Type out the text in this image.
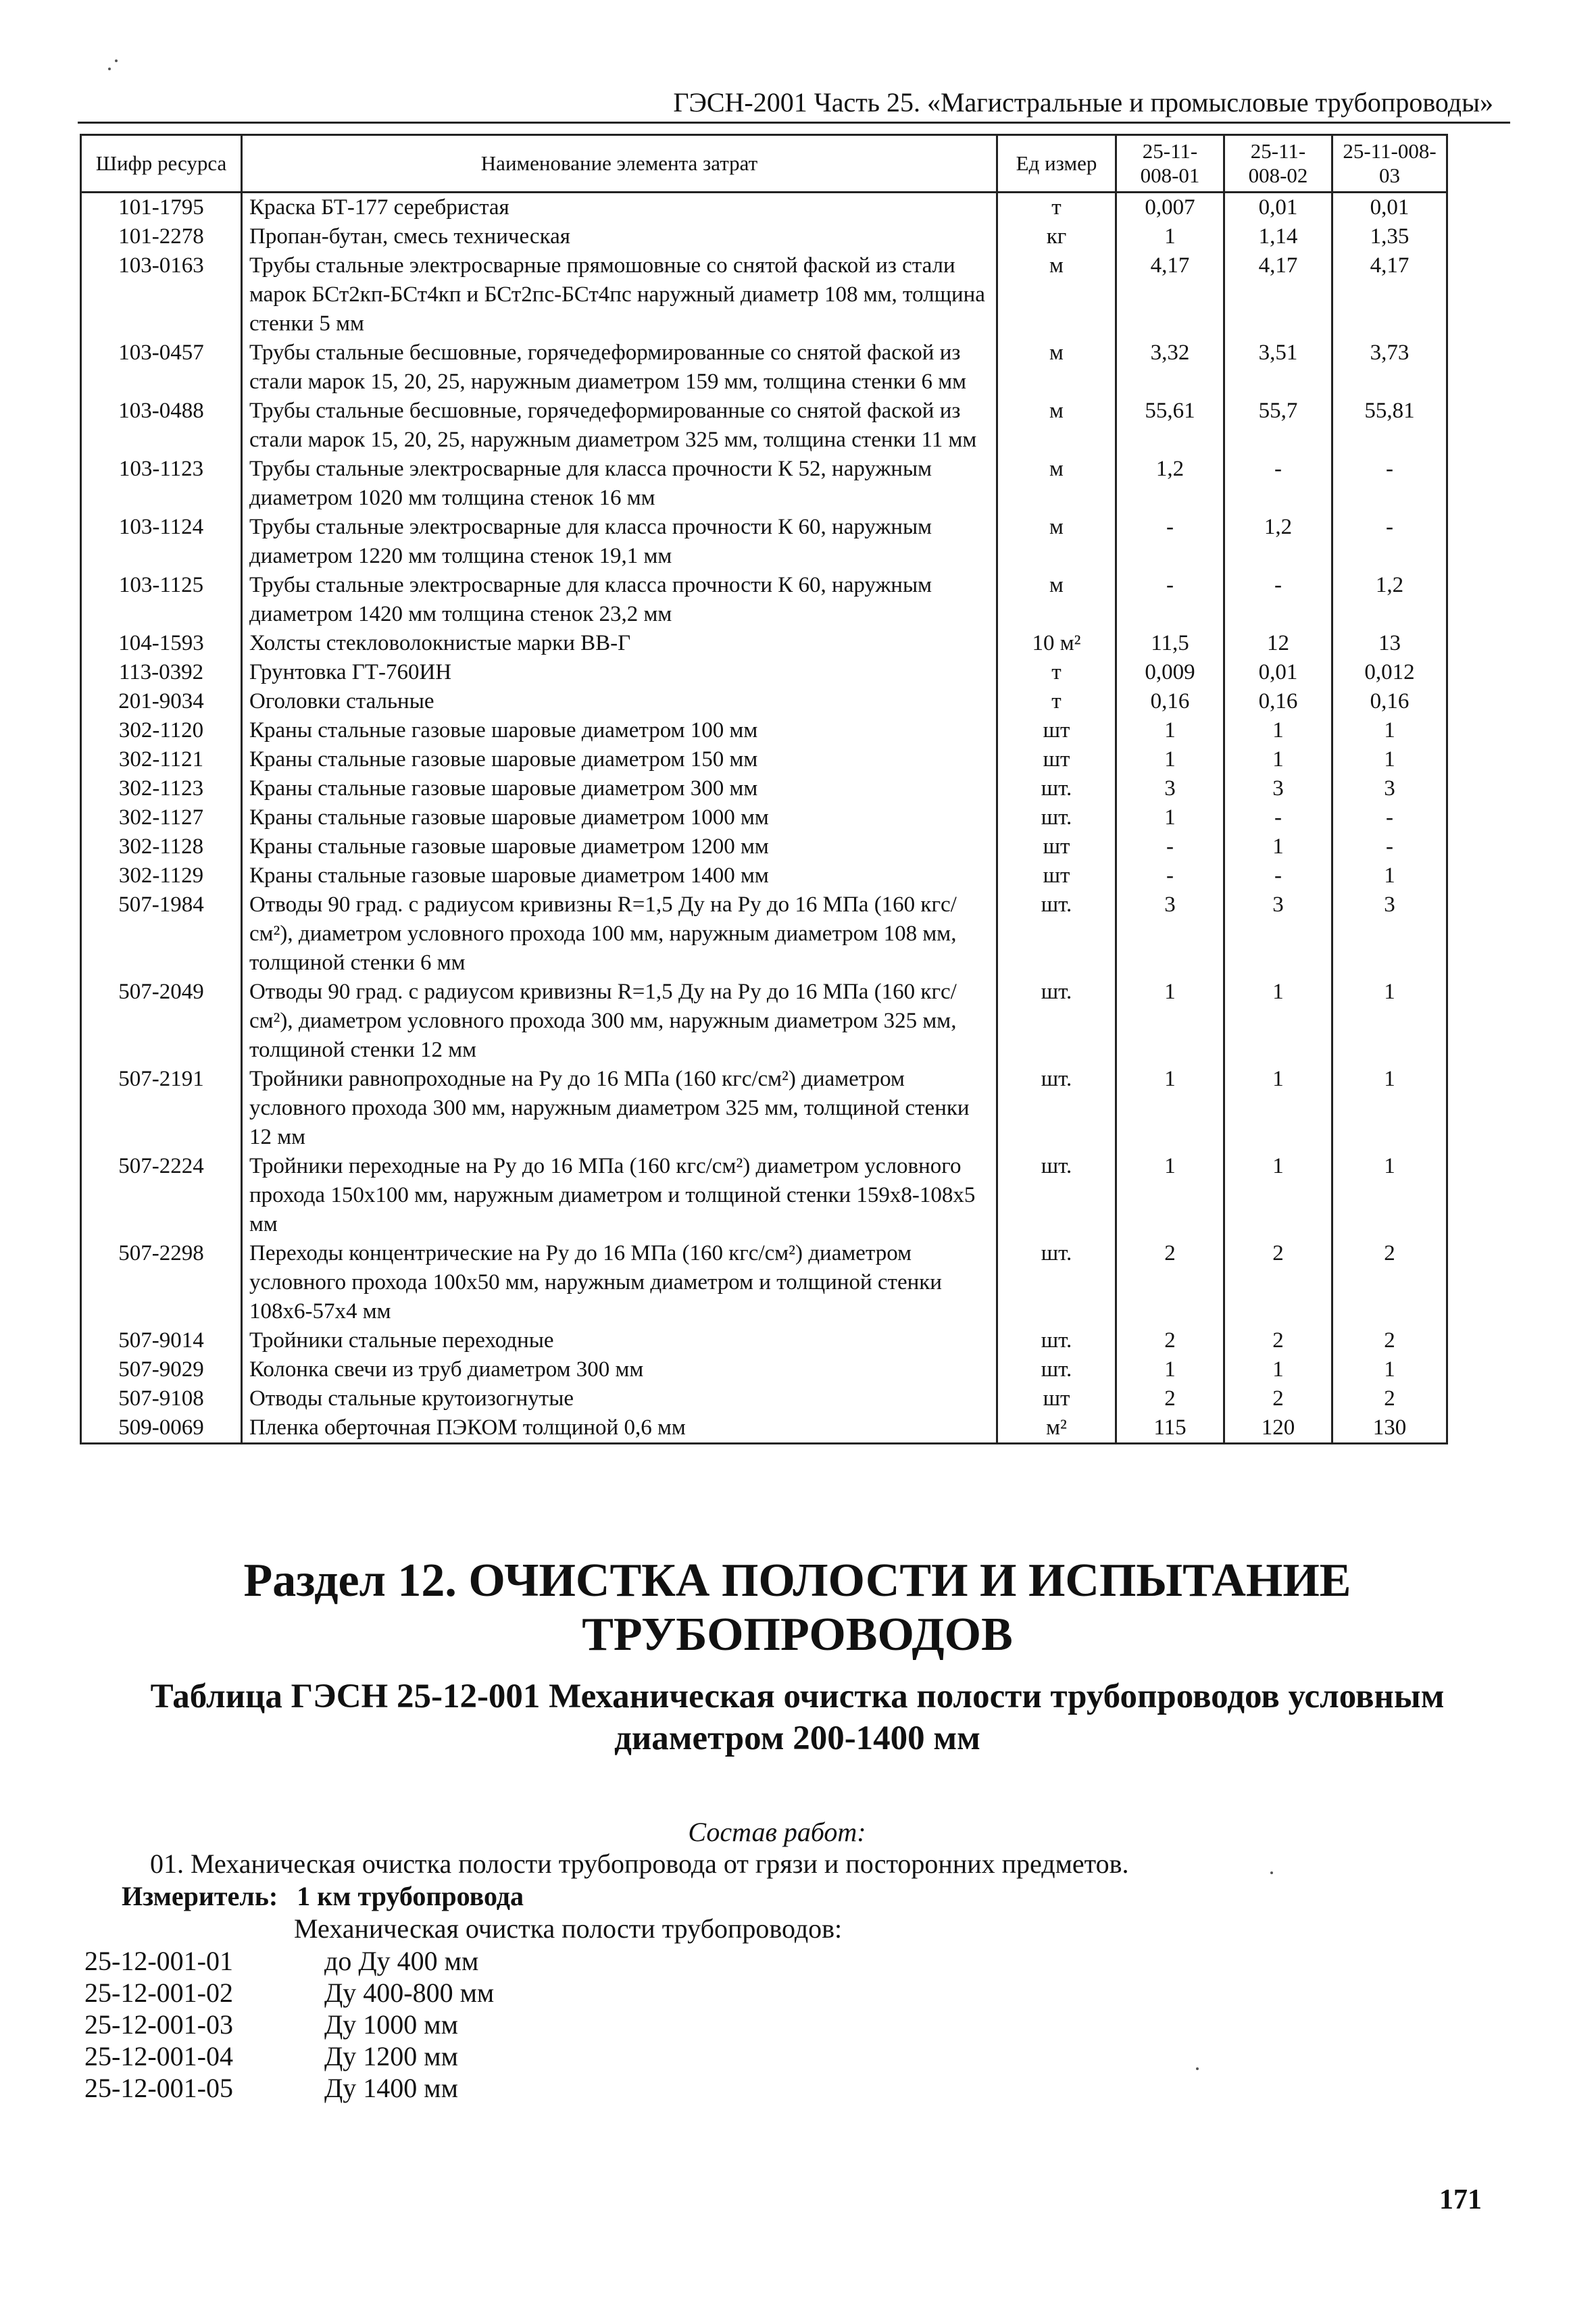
ГЭСН-2001 Часть 25. «Магистральные и промысловые трубопроводы»
Шифр ресурса	Наименование элемента затрат	Ед измер	25-11-008-01	25-11-008-02	25-11-008-03
101-1795	Краска БТ-177 серебристая	т	0,007	0,01	0,01
101-2278	Пропан-бутан, смесь техническая	кг	1	1,14	1,35
103-0163	Трубы стальные электросварные прямошовные со снятой фаской из стали марок БСт2кп-БСт4кп и БСт2пс-БСт4пс наружный диаметр 108 мм, толщина стенки 5 мм	м	4,17	4,17	4,17
103-0457	Трубы стальные бесшовные, горячедеформированные со снятой фаской из стали марок 15, 20, 25, наружным диаметром 159 мм, толщина стенки 6 мм	м	3,32	3,51	3,73
103-0488	Трубы стальные бесшовные, горячедеформированные со снятой фаской из стали марок 15, 20, 25, наружным диаметром 325 мм, толщина стенки 11 мм	м	55,61	55,7	55,81
103-1123	Трубы стальные электросварные для класса прочности К 52, наружным диаметром 1020 мм толщина стенок 16 мм	м	1,2	-	-
103-1124	Трубы стальные электросварные для класса прочности К 60, наружным диаметром 1220 мм толщина стенок 19,1 мм	м	-	1,2	-
103-1125	Трубы стальные электросварные для класса прочности К 60, наружным диаметром 1420 мм толщина стенок 23,2 мм	м	-	-	1,2
104-1593	Холсты стекловолокнистые марки ВВ-Г	10 м²	11,5	12	13
113-0392	Грунтовка ГТ-760ИН	т	0,009	0,01	0,012
201-9034	Оголовки стальные	т	0,16	0,16	0,16
302-1120	Краны стальные газовые шаровые диаметром 100 мм	шт	1	1	1
302-1121	Краны стальные газовые шаровые диаметром 150 мм	шт	1	1	1
302-1123	Краны стальные газовые шаровые диаметром 300 мм	шт.	3	3	3
302-1127	Краны стальные газовые шаровые диаметром 1000 мм	шт.	1	-	-
302-1128	Краны стальные газовые шаровые диаметром 1200 мм	шт	-	1	-
302-1129	Краны стальные газовые шаровые диаметром 1400 мм	шт	-	-	1
507-1984	Отводы 90 град. с радиусом кривизны R=1,5 Ду на Ру до 16 МПа (160 кгс/см²), диаметром условного прохода 100 мм, наружным диаметром 108 мм, толщиной стенки 6 мм	шт.	3	3	3
507-2049	Отводы 90 град. с радиусом кривизны R=1,5 Ду на Ру до 16 МПа (160 кгс/см²), диаметром условного прохода 300 мм, наружным диаметром 325 мм, толщиной стенки 12 мм	шт.	1	1	1
507-2191	Тройники равнопроходные на Ру до 16 МПа (160 кгс/см²) диаметром условного прохода 300 мм, наружным диаметром 325 мм, толщиной стенки 12 мм	шт.	1	1	1
507-2224	Тройники переходные на Ру до 16 МПа (160 кгс/см²) диаметром условного прохода 150х100 мм, наружным диаметром и толщиной стенки 159х8-108х5 мм	шт.	1	1	1
507-2298	Переходы концентрические на Ру до 16 МПа (160 кгс/см²) диаметром условного прохода 100х50 мм, наружным диаметром и толщиной стенки 108х6-57х4 мм	шт.	2	2	2
507-9014	Тройники стальные переходные	шт.	2	2	2
507-9029	Колонка свечи из труб диаметром 300 мм	шт.	1	1	1
507-9108	Отводы стальные крутоизогнутые	шт	2	2	2
509-0069	Пленка оберточная ПЭКОМ толщиной 0,6 мм	м²	115	120	130
Раздел 12. ОЧИСТКА ПОЛОСТИ И ИСПЫТАНИЕ ТРУБОПРОВОДОВ
Таблица ГЭСН 25-12-001 Механическая очистка полости трубопроводов условным диаметром 200-1400 мм
Состав работ:
01. Механическая очистка полости трубопровода от грязи и посторонних предметов.
Измеритель: 1 км трубопровода
Механическая очистка полости трубопроводов:
25-12-001-01	до Ду 400 мм
25-12-001-02	Ду 400-800 мм
25-12-001-03	Ду 1000 мм
25-12-001-04	Ду 1200 мм
25-12-001-05	Ду 1400 мм
171
